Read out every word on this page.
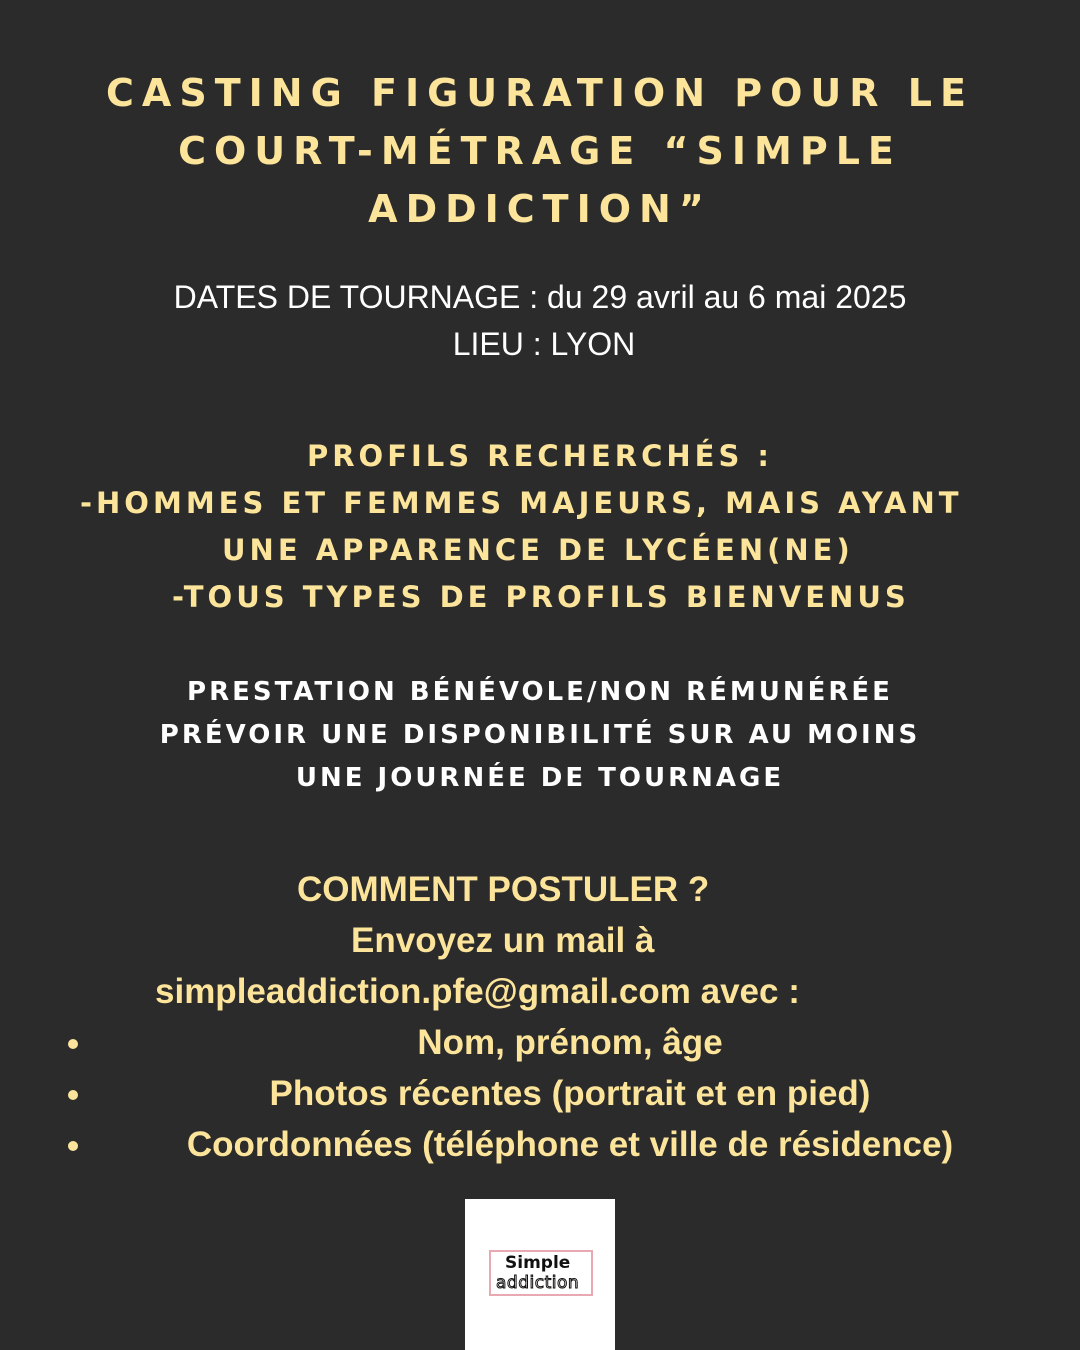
CASTING FIGURATION POUR LE
COURT-MÉTRAGE “SIMPLE
ADDICTION”
DATES DE TOURNAGE : du 29 avril au 6 mai 2025
LIEU : LYON
PROFILS RECHERCHÉS :
-HOMMES ET FEMMES MAJEURS, MAIS AYANT
UNE APPARENCE DE LYCÉEN(NE)
-TOUS TYPES DE PROFILS BIENVENUS
PRESTATION BÉNÉVOLE/NON RÉMUNÉRÉE
PRÉVOIR UNE DISPONIBILITÉ SUR AU MOINS
UNE JOURNÉE DE TOURNAGE
COMMENT POSTULER ?
Envoyez un mail à
simpleaddiction.pfe@gmail.com avec :
Nom, prénom, âge
Photos récentes (portrait et en pied)
Coordonnées (téléphone et ville de résidence)
Simple
addiction
